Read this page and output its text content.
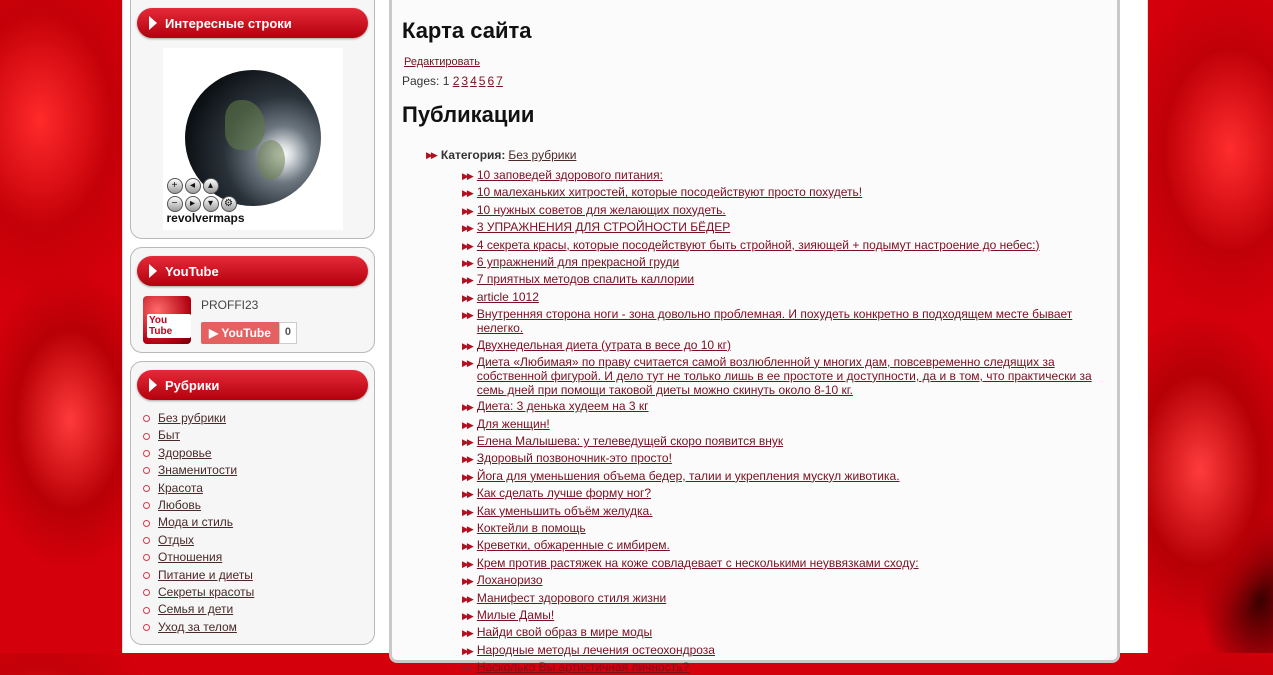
Интересные строки
+	◂	▴
−	▸	▾	⚙
revolvermaps
YouTube
You Tube
PROFFI23
▶ YouTube	0
Рубрики
Без рубрики
Быт
Здоровье
Знаменитости
Красота
Любовь
Мода и стиль
Отдых
Отношения
Питание и диеты
Секреты красоты
Семья и дети
Уход за телом
Карта сайта
Редактировать
Pages: 1 2 3 4 5 6 7
Публикации
▶▶ Категория: Без рубрики
▶▶ 10 заповедей здорового питания:
▶▶ 10 малеханьких хитростей, которые посодействуют просто похудеть!
▶▶ 10 нужных советов для желающих похудеть.
▶▶ 3 УПРАЖНЕНИЯ ДЛЯ СТРОЙНОСТИ БЁДЕР
▶▶ 4 секрета красы, которые посодействуют быть стройной, зияющей + подымут настроение до небес:)
▶▶ 6 упражнений для прекрасной груди
▶▶ 7 приятных методов спалить каллории
▶▶ article 1012
▶▶ Внутренняя сторона ноги - зона довольно проблемная. И похудеть конкретно в подходящем месте бывает нелегко.
▶▶ Двухнедельная диета (утрата в весе до 10 кг)
▶▶ Диета «Любимая» по праву считается самой возлюбленной у многих дам, повсевременно следящих за собственной фигурой. И дело тут не только лишь в ее простоте и доступности, да и в том, что практически за семь дней при помощи таковой диеты можно скинуть около 8-10 кг.
▶▶ Диета: 3 денька худеем на 3 кг
▶▶ Для женщин!
▶▶ Елена Малышева: у телеведущей скоро появится внук
▶▶ Здоровый позвоночник-это просто!
▶▶ Йога для уменьшения объема бедер, талии и укрепления мускул животика.
▶▶ Как сделать лучше форму ног?
▶▶ Как уменьшить объём желудка.
▶▶ Коктейли в помощь
▶▶ Креветки, обжаренные с имбирем.
▶▶ Крем против растяжек на коже совладевает с несколькими неуввязками сходу:
▶▶ Лоханоризо
▶▶ Манифест здорового стиля жизни
▶▶ Милые Дамы!
▶▶ Найди свой образ в мире моды
▶▶ Народные методы лечения остеохондроза
▶▶ Насколько Вы артистичная личность?
